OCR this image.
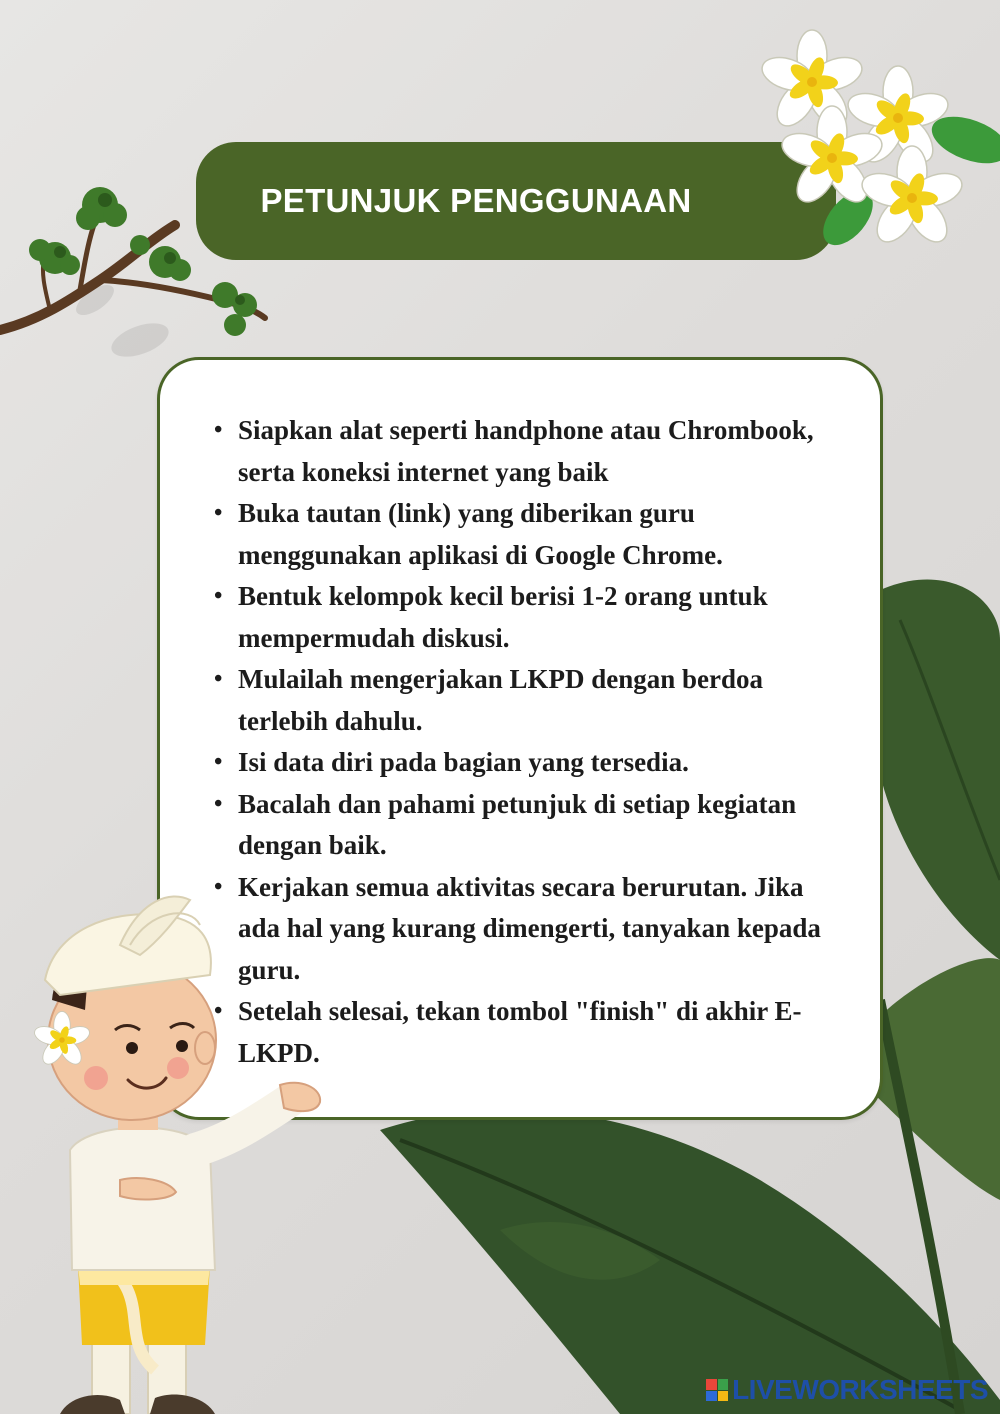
PETUNJUK PENGGUNAAN
• Siapkan alat seperti handphone atau Chrombook, serta koneksi internet yang baik
• Buka tautan (link) yang diberikan guru menggunakan aplikasi di Google Chrome.
• Bentuk kelompok kecil berisi 1-2 orang untuk mempermudah diskusi.
• Mulailah mengerjakan LKPD dengan berdoa terlebih dahulu.
• Isi data diri pada bagian yang tersedia.
• Bacalah dan pahami petunjuk di setiap kegiatan dengan baik.
• Kerjakan semua aktivitas secara berurutan. Jika ada hal yang kurang dimengerti, tanyakan kepada guru.
• Setelah selesai, tekan tombol "finish" di akhir E-LKPD.
LIVEWORKSHEETS
